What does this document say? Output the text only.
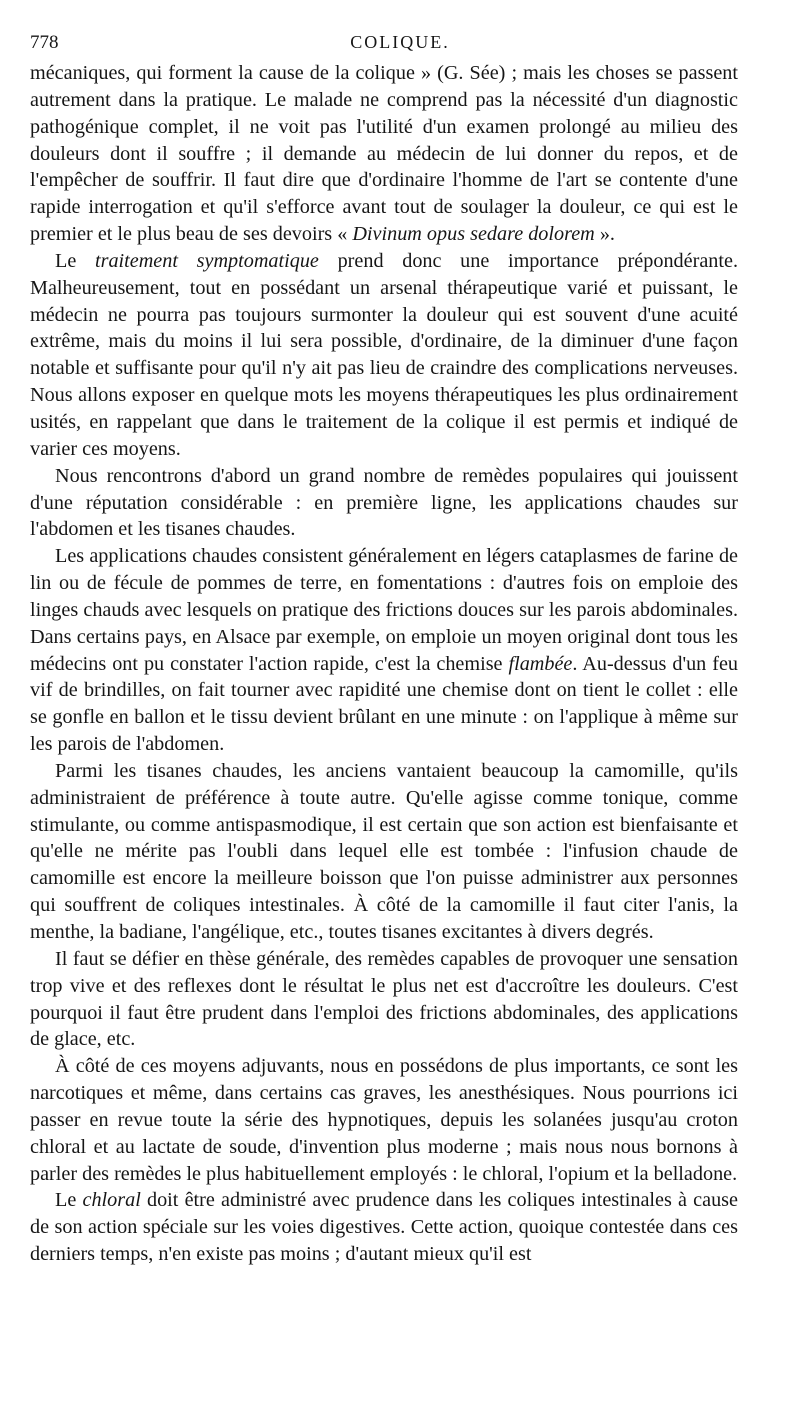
778	COLIQUE.

mécaniques, qui forment la cause de la colique » (G. Sée) ; mais les choses se passent autrement dans la pratique. Le malade ne comprend pas la nécessité d'un diagnostic pathogénique complet, il ne voit pas l'utilité d'un examen prolongé au milieu des douleurs dont il souffre ; il demande au médecin de lui donner du repos, et de l'empêcher de souffrir. Il faut dire que d'ordinaire l'homme de l'art se contente d'une rapide interrogation et qu'il s'efforce avant tout de soulager la douleur, ce qui est le premier et le plus beau de ses devoirs « Divinum opus sedare dolorem ».

Le traitement symptomatique prend donc une importance prépondérante. Malheureusement, tout en possédant un arsenal thérapeutique varié et puissant, le médecin ne pourra pas toujours surmonter la douleur qui est souvent d'une acuité extrême, mais du moins il lui sera possible, d'ordinaire, de la diminuer d'une façon notable et suffisante pour qu'il n'y ait pas lieu de craindre des complications nerveuses. Nous allons exposer en quelque mots les moyens thérapeutiques les plus ordinairement usités, en rappelant que dans le traitement de la colique il est permis et indiqué de varier ces moyens.

Nous rencontrons d'abord un grand nombre de remèdes populaires qui jouissent d'une réputation considérable : en première ligne, les applications chaudes sur l'abdomen et les tisanes chaudes.

Les applications chaudes consistent généralement en légers cataplasmes de farine de lin ou de fécule de pommes de terre, en fomentations : d'autres fois on emploie des linges chauds avec lesquels on pratique des frictions douces sur les parois abdominales. Dans certains pays, en Alsace par exemple, on emploie un moyen original dont tous les médecins ont pu constater l'action rapide, c'est la chemise flambée. Au-dessus d'un feu vif de brindilles, on fait tourner avec rapidité une chemise dont on tient le collet : elle se gonfle en ballon et le tissu devient brûlant en une minute : on l'applique à même sur les parois de l'abdomen.

Parmi les tisanes chaudes, les anciens vantaient beaucoup la camomille, qu'ils administraient de préférence à toute autre. Qu'elle agisse comme tonique, comme stimulante, ou comme antispasmodique, il est certain que son action est bienfaisante et qu'elle ne mérite pas l'oubli dans lequel elle est tombée : l'infusion chaude de camomille est encore la meilleure boisson que l'on puisse administrer aux personnes qui souffrent de coliques intestinales. À côté de la camomille il faut citer l'anis, la menthe, la badiane, l'angélique, etc., toutes tisanes excitantes à divers degrés.

Il faut se défier en thèse générale, des remèdes capables de provoquer une sensation trop vive et des reflexes dont le résultat le plus net est d'accroître les douleurs. C'est pourquoi il faut être prudent dans l'emploi des frictions abdominales, des applications de glace, etc.

À côté de ces moyens adjuvants, nous en possédons de plus importants, ce sont les narcotiques et même, dans certains cas graves, les anesthésiques. Nous pourrions ici passer en revue toute la série des hypnotiques, depuis les solanées jusqu'au croton chloral et au lactate de soude, d'invention plus moderne ; mais nous nous bornons à parler des remèdes le plus habituellement employés : le chloral, l'opium et la belladone.

Le chloral doit être administré avec prudence dans les coliques intestinales à cause de son action spéciale sur les voies digestives. Cette action, quoique contestée dans ces derniers temps, n'en existe pas moins ; d'autant mieux qu'il est
